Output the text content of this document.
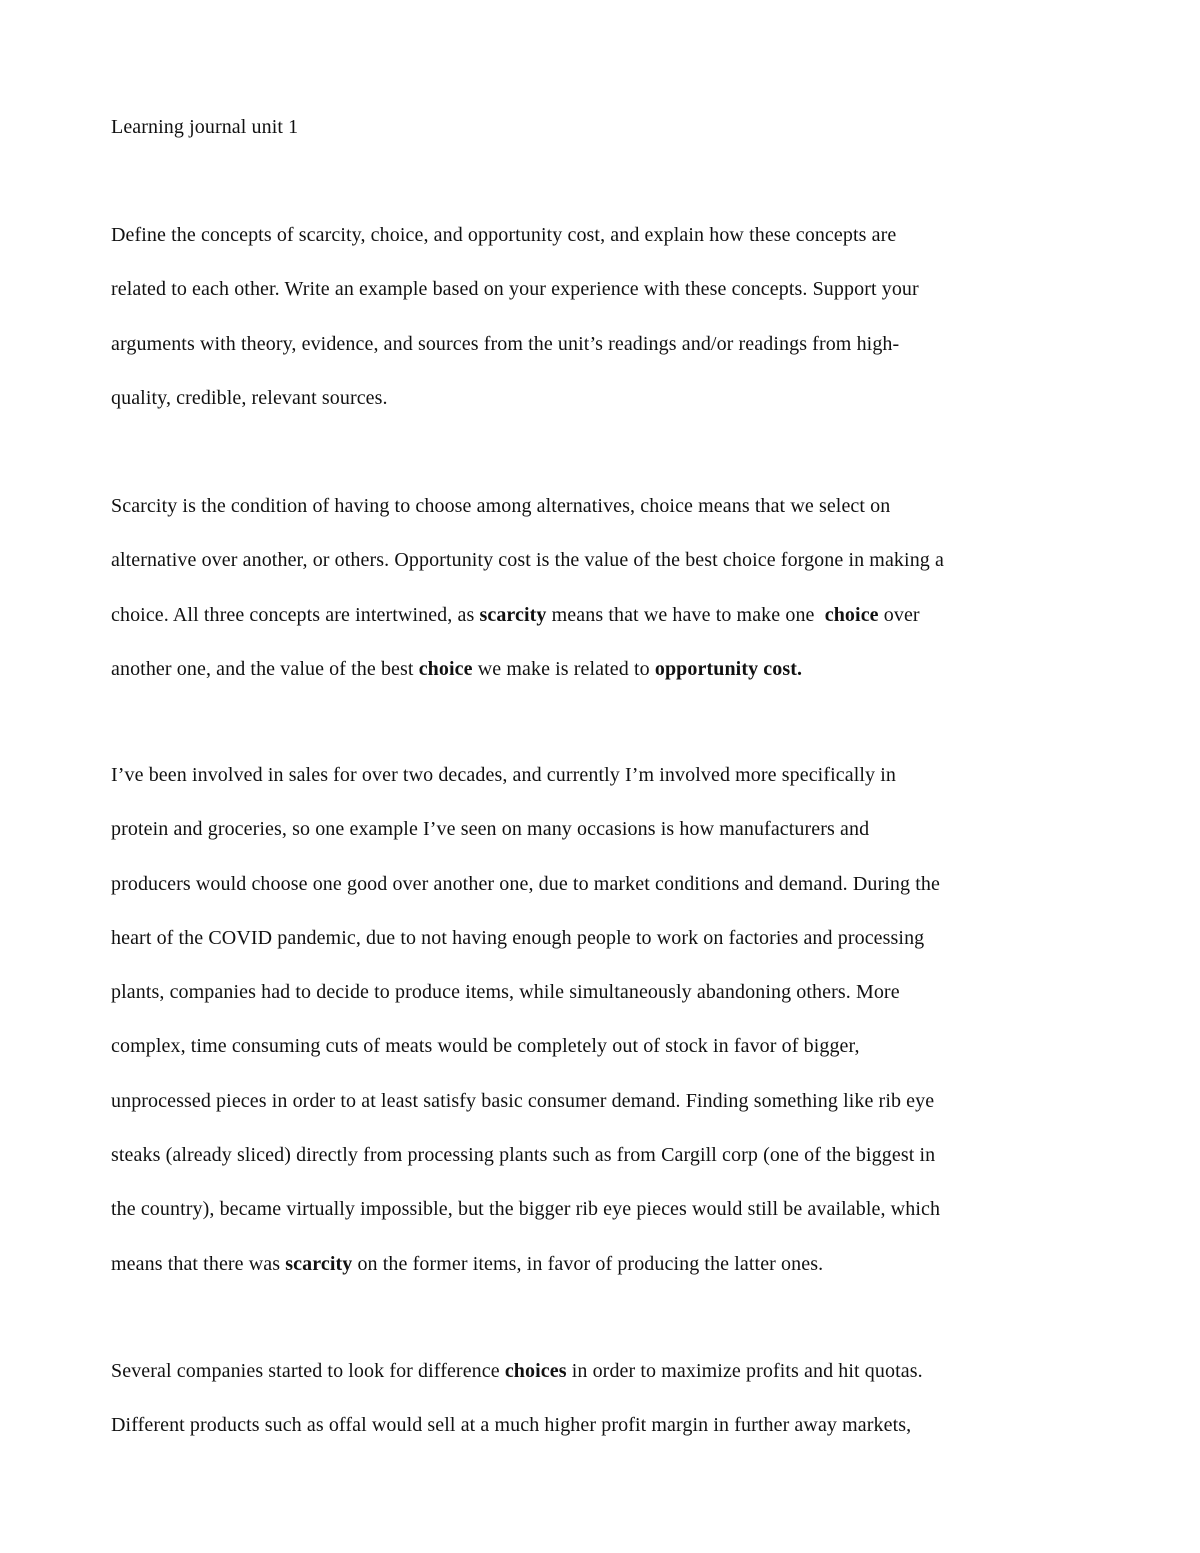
Learning journal unit 1
Define the concepts of scarcity, choice, and opportunity cost, and explain how these concepts are
related to each other. Write an example based on your experience with these concepts. Support your
arguments with theory, evidence, and sources from the unit’s readings and/or readings from high-
quality, credible, relevant sources.
Scarcity is the condition of having to choose among alternatives, choice means that we select on
alternative over another, or others. Opportunity cost is the value of the best choice forgone in making a
choice. All three concepts are intertwined, as scarcity means that we have to make one  choice over
another one, and the value of the best choice we make is related to opportunity cost.
I’ve been involved in sales for over two decades, and currently I’m involved more specifically in
protein and groceries, so one example I’ve seen on many occasions is how manufacturers and
producers would choose one good over another one, due to market conditions and demand. During the
heart of the COVID pandemic, due to not having enough people to work on factories and processing
plants, companies had to decide to produce items, while simultaneously abandoning others. More
complex, time consuming cuts of meats would be completely out of stock in favor of bigger,
unprocessed pieces in order to at least satisfy basic consumer demand. Finding something like rib eye
steaks (already sliced) directly from processing plants such as from Cargill corp (one of the biggest in
the country), became virtually impossible, but the bigger rib eye pieces would still be available, which
means that there was scarcity on the former items, in favor of producing the latter ones.
Several companies started to look for difference choices in order to maximize profits and hit quotas.
Different products such as offal would sell at a much higher profit margin in further away markets,
